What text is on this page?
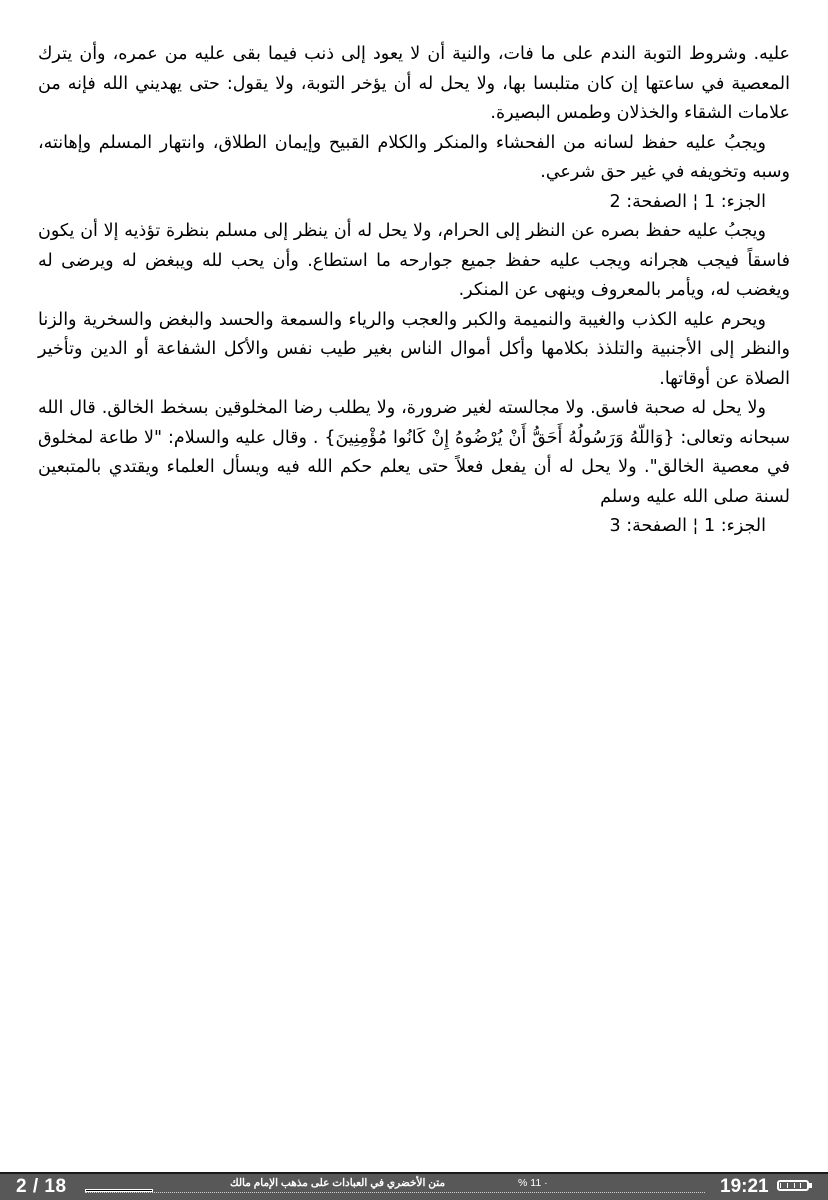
عليه. وشروط التوبة الندم على ما فات، والنية أن لا يعود إلى ذنب فيما بقى عليه من عمره، وأن يترك المعصية في ساعتها إن كان متلبسا بها، ولا يحل له أن يؤخر التوبة، ولا يقول: حتى يهديني الله فإنه من علامات الشقاء والخذلان وطمس البصيرة.

ويجبُ عليه حفظ لسانه من الفحشاء والمنكر والكلام القبيح وإيمان الطلاق، وانتهار المسلم وإهانته، وسبه وتخويفه في غير حق شرعي.

الجزء: 1 ¦ الصفحة: 2

ويجبُ عليه حفظ بصره عن النظر إلى الحرام، ولا يحل له أن ينظر إلى مسلم بنظرة تؤذيه إلا أن يكون فاسقاً فيجب هجرانه ويجب عليه حفظ جميع جوارحه ما استطاع. وأن يحب لله ويبغض له ويرضى له ويغضب له، ويأمر بالمعروف وينهى عن المنكر.

ويحرم عليه الكذب والغيبة والنميمة والكبر والعجب والرياء والسمعة والحسد والبغض والسخرية والزنا والنظر إلى الأجنبية والتلذذ بكلامها وأكل أموال الناس بغير طيب نفس والأكل الشفاعة أو الدين وتأخير الصلاة عن أوقاتها.

ولا يحل له صحبة فاسق. ولا مجالسته لغير ضرورة، ولا يطلب رضا المخلوقين بسخط الخالق. قال الله سبحانه وتعالى: {وَاللّهُ وَرَسُولُهُ أَحَقُّ أَنْ يُرْضُوهُ إِنْ كَانُوا مُؤْمِنِينَ} . وقال عليه والسلام: "لا طاعة لمخلوق في معصية الخالق". ولا يحل له أن يفعل فعلاً حتى يعلم حكم الله فيه ويسأل العلماء ويقتدي بالمتبعين لسنة صلى الله عليه وسلم

الجزء: 1 ¦ الصفحة: 3

2 / 18	متن الأخضري في العبادات على مذهب الإمام مالك	% 11 ·	19:21
